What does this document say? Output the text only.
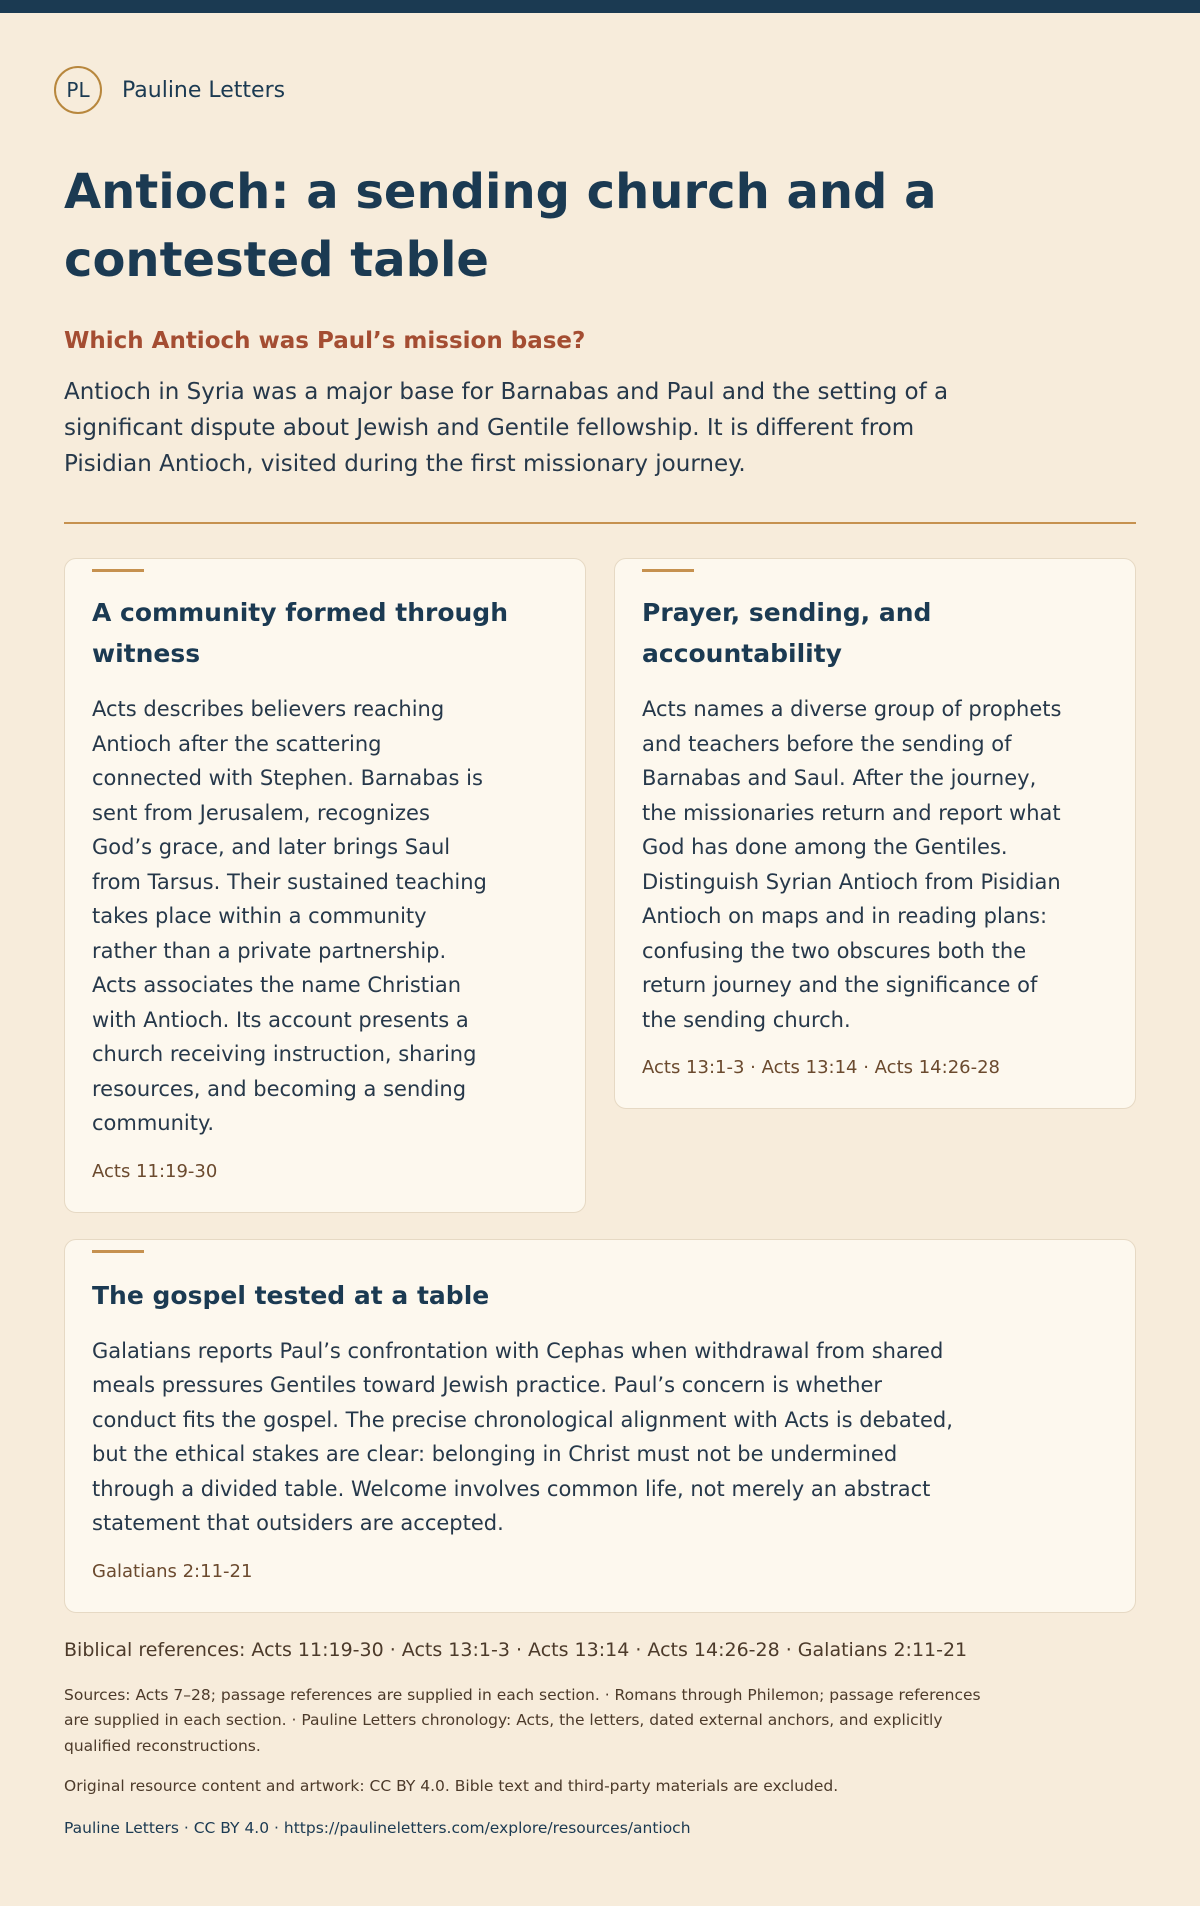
PL	Pauline Letters
Antioch: a sending church and a contested table
Which Antioch was Paul’s mission base?
Antioch in Syria was a major base for Barnabas and Paul and the setting of a significant dispute about Jewish and Gentile fellowship. It is different from Pisidian Antioch, visited during the first missionary journey.
A community formed through witness

Acts describes believers reaching Antioch after the scattering connected with Stephen. Barnabas is sent from Jerusalem, recognizes God’s grace, and later brings Saul from Tarsus. Their sustained teaching takes place within a community rather than a private partnership. Acts associates the name Christian with Antioch. Its account presents a church receiving instruction, sharing resources, and becoming a sending community.

Acts 11:19-30
Prayer, sending, and accountability

Acts names a diverse group of prophets and teachers before the sending of Barnabas and Saul. After the journey, the missionaries return and report what God has done among the Gentiles. Distinguish Syrian Antioch from Pisidian Antioch on maps and in reading plans: confusing the two obscures both the return journey and the significance of the sending church.

Acts 13:1-3 · Acts 13:14 · Acts 14:26-28
The gospel tested at a table

Galatians reports Paul’s confrontation with Cephas when withdrawal from shared meals pressures Gentiles toward Jewish practice. Paul’s concern is whether conduct fits the gospel. The precise chronological alignment with Acts is debated, but the ethical stakes are clear: belonging in Christ must not be undermined through a divided table. Welcome involves common life, not merely an abstract statement that outsiders are accepted.

Galatians 2:11-21
Biblical references: Acts 11:19-30 · Acts 13:1-3 · Acts 13:14 · Acts 14:26-28 · Galatians 2:11-21
Sources: Acts 7–28; passage references are supplied in each section. · Romans through Philemon; passage references are supplied in each section. · Pauline Letters chronology: Acts, the letters, dated external anchors, and explicitly qualified reconstructions.
Original resource content and artwork: CC BY 4.0. Bible text and third-party materials are excluded.
Pauline Letters · CC BY 4.0 · https://paulineletters.com/explore/resources/antioch
